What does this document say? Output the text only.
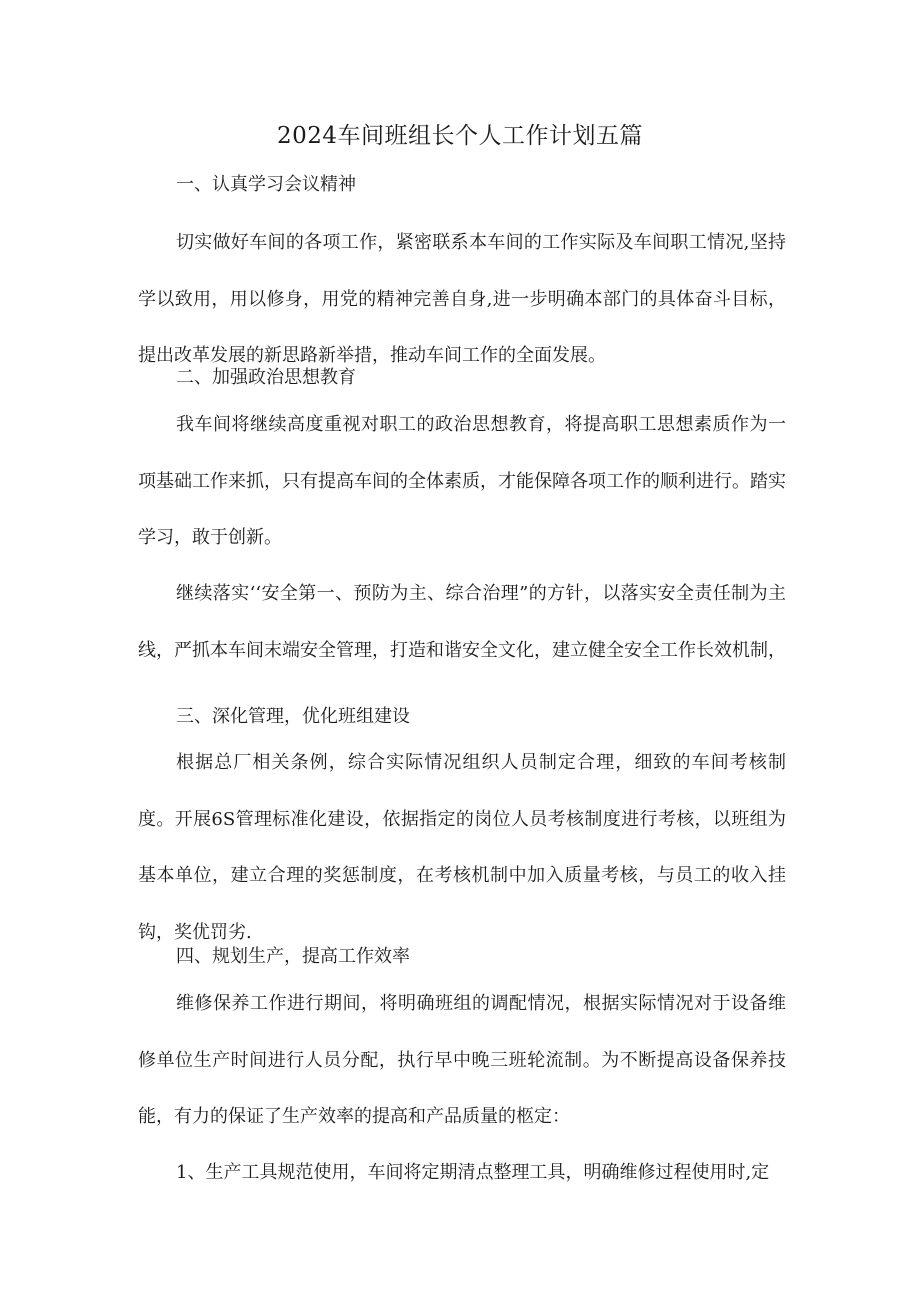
2024车间班组长个人工作计划五篇
一、认真学习会议精神

切实做好车间的各项工作，紧密联系本车间的工作实际及车间职工情况,坚持学以致用，用以修身，用党的精神完善自身,进一步明确本部门的具体奋斗目标，提出改革发展的新思路新举措，推动车间工作的全面发展。

二、加强政治思想教育

我车间将继续高度重视对职工的政治思想教育，将提高职工思想素质作为一项基础工作来抓，只有提高车间的全体素质，才能保障各项工作的顺利进行。踏实学习，敢于创新。

继续落实‘‘安全第一、预防为主、综合治理”的方针，以落实安全责任制为主线，严抓本车间末端安全管理，打造和谐安全文化，建立健全安全工作长效机制，

三、深化管理，优化班组建设

根据总厂相关条例，综合实际情况组织人员制定合理，细致的车间考核制度。开展6S管理标准化建设，依据指定的岗位人员考核制度进行考核，以班组为基本单位，建立合理的奖惩制度，在考核机制中加入质量考核，与员工的收入挂钩，奖优罚劣.

四、规划生产，提高工作效率

维修保养工作进行期间，将明确班组的调配情况，根据实际情况对于设备维修单位生产时间进行人员分配，执行早中晚三班轮流制。为不断提高设备保养技能，有力的保证了生产效率的提高和产品质量的柩定：

1、生产工具规范使用，车间将定期清点整理工具，明确维修过程使用时,定
